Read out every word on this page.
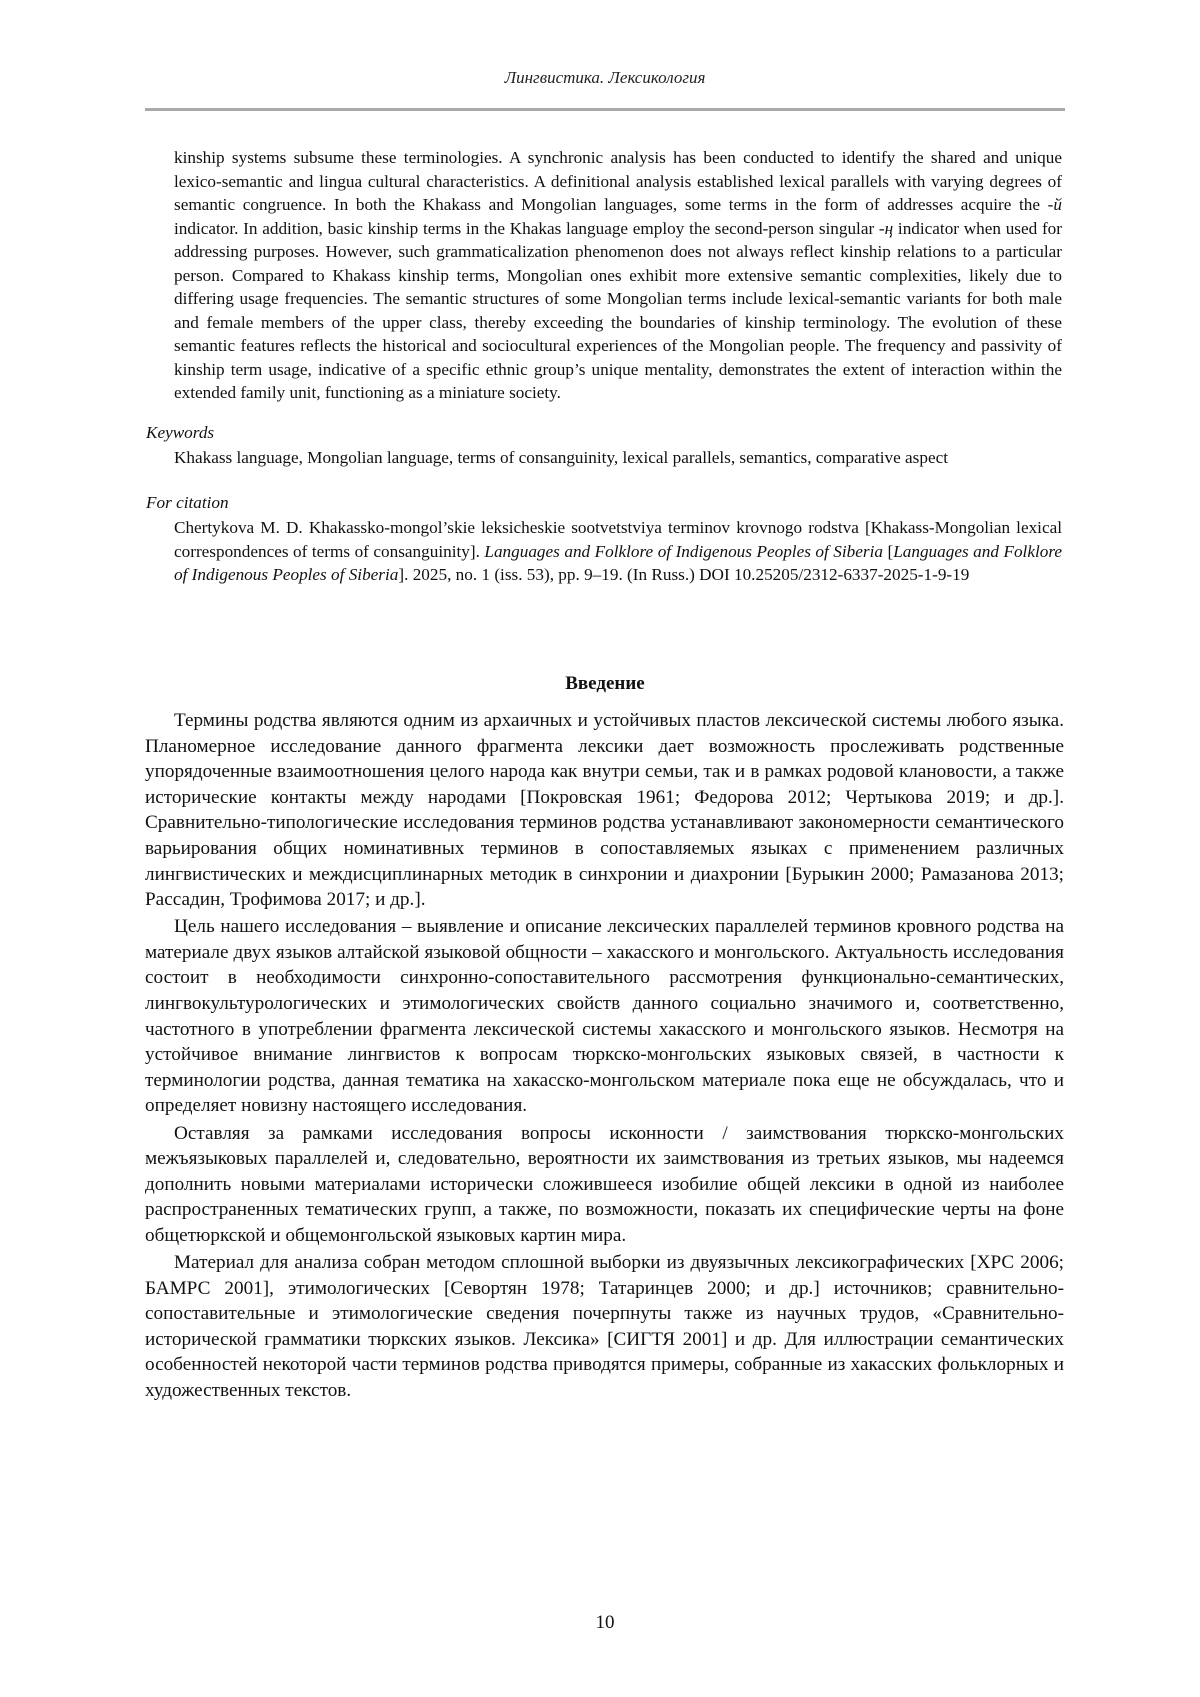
Лингвистика. Лексикология

kinship systems subsume these terminologies. A synchronic analysis has been conducted to identify the shared and unique lexico-semantic and lingua cultural characteristics. A definitional analysis established lexical parallels with varying degrees of semantic congruence. In both the Khakass and Mongolian languages, some terms in the form of addresses acquire the -й indicator. In addition, basic kinship terms in the Khakas language employ the second-person singular -ң indicator when used for addressing purposes. However, such grammaticalization phenomenon does not always reflect kinship relations to a particular person. Compared to Khakass kinship terms, Mongolian ones exhibit more extensive semantic complexities, likely due to differing usage frequencies. The semantic structures of some Mongolian terms include lexical-semantic variants for both male and female members of the upper class, thereby exceeding the boundaries of kinship terminology. The evolution of these semantic features reflects the historical and sociocultural experiences of the Mongolian people. The frequency and passivity of kinship term usage, indicative of a specific ethnic group’s unique mentality, demonstrates the extent of interaction within the extended family unit, functioning as a miniature society.

Keywords

Khakass language, Mongolian language, terms of consanguinity, lexical parallels, semantics, comparative aspect

For citation

Chertykova M. D. Khakassko-mongol’skie leksicheskie sootvetstviya terminov krovnogo rodstva [Khakass-Mongolian lexical correspondences of terms of consanguinity]. Languages and Folklore of Indigenous Peoples of Siberia [Languages and Folklore of Indigenous Peoples of Siberia]. 2025, no. 1 (iss. 53), pp. 9–19. (In Russ.) DOI 10.25205/2312-6337-2025-1-9-19

Введение

Термины родства являются одним из архаичных и устойчивых пластов лексической системы любого языка. Планомерное исследование данного фрагмента лексики дает возможность прослеживать родственные упорядоченные взаимоотношения целого народа как внутри семьи, так и в рамках родовой клановости, а также исторические контакты между народами [Покровская 1961; Федорова 2012; Чертыкова 2019; и др.]. Сравнительно-типологические исследования терминов родства устанавливают закономерности семантического варьирования общих номинативных терминов в сопоставляемых языках с применением различных лингвистических и междисциплинарных методик в синхронии и диахронии [Бурыкин 2000; Рамазанова 2013; Рассадин, Трофимова 2017; и др.].

Цель нашего исследования – выявление и описание лексических параллелей терминов кровного родства на материале двух языков алтайской языковой общности – хакасского и монгольского. Актуальность исследования состоит в необходимости синхронно-сопоставительного рассмотрения функционально-семантических, лингвокультурологических и этимологических свойств данного социально значимого и, соответственно, частотного в употреблении фрагмента лексической системы хакасского и монгольского языков. Несмотря на устойчивое внимание лингвистов к вопросам тюркско-монгольских языковых связей, в частности к терминологии родства, данная тематика на хакасско-монгольском материале пока еще не обсуждалась, что и определяет новизну настоящего исследования.

Оставляя за рамками исследования вопросы исконности / заимствования тюркско-монгольских межъязыковых параллелей и, следовательно, вероятности их заимствования из третьих языков, мы надеемся дополнить новыми материалами исторически сложившееся изобилие общей лексики в одной из наиболее распространенных тематических групп, а также, по возможности, показать их специфические черты на фоне общетюркской и общемонгольской языковых картин мира.

Материал для анализа собран методом сплошной выборки из двуязычных лексикографических [ХРС 2006; БАМРС 2001], этимологических [Севортян 1978; Татаринцев 2000; и др.] источников; сравнительно-сопоставительные и этимологические сведения почерпнуты также из научных трудов, «Сравнительно-исторической грамматики тюркских языков. Лексика» [СИГТЯ 2001] и др. Для иллюстрации семантических особенностей некоторой части терминов родства приводятся примеры, собранные из хакасских фольклорных и художественных текстов.

10
